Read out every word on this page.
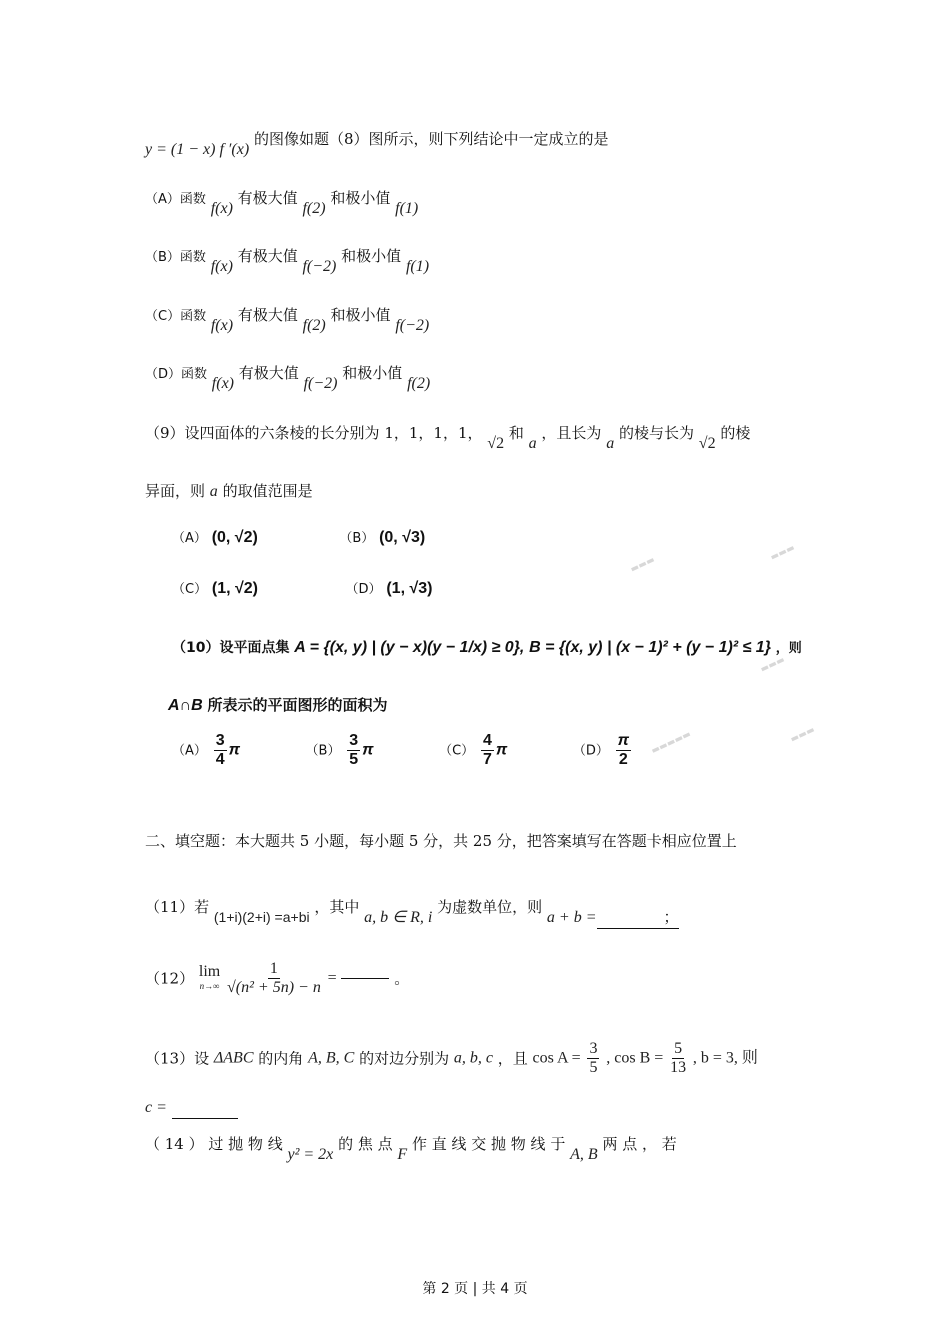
y = (1 − x) f ′(x) 的图像如题（8）图所示，则下列结论中一定成立的是
（A）函数 f(x) 有极大值 f(2) 和极小值 f(1)
（B）函数 f(x) 有极大值 f(−2) 和极小值 f(1)
（C）函数 f(x) 有极大值 f(2) 和极小值 f(−2)
（D）函数 f(x) 有极大值 f(−2) 和极小值 f(2)
（9）设四面体的六条棱的长分别为 1，1，1，1， √2 和 a ，且长为 a 的棱与长为 √2 的棱
异面，则 a 的取值范围是
（A） (0, √2)	（B） (0, √3)
（C） (1, √2)	（D） (1, √3)
（10）设平面点集 A = {(x, y) | (y − x)(y − 1/x) ≥ 0}, B = {(x, y) | (x − 1)² + (y − 1)² ≤ 1} ，则
A∩B 所表示的平面图形的面积为
$(A) \frac{3}{4}$ π	$(B) \frac{3}{5}$ π	$(C) \frac{4}{7}$ π	$(D) \frac{\pi}{2}$
二、填空题：本大题共 5 小题，每小题 5 分，共 25 分，把答案填写在答题卡相应位置上
（11）若 (1+i)(2+i) =a+bi ，其中 a, b ∈ R, i 为虚数单位，则 a + b =	；
（12） lim
n→∞
$\frac{1}{\text{√(n² + 5n) − n}}$ =	。
（13）设 ΔABC 的内角 A, B, C 的对边分别为 a, b, c ，且 $\cos A = \frac{3}{5}$ , $\cos B = \frac{5}{13}$ , b = 3, 则
c =
（ 14 ） 过 抛 物 线 y² = 2x 的 焦 点 F 作 直 线 交 抛 物 线 于 A, B 两 点 ， 若
▬▬▬
▬▬▬
▬▬▬
▬▬▬▬▬	▬▬▬
第 2 页 | 共 4 页
